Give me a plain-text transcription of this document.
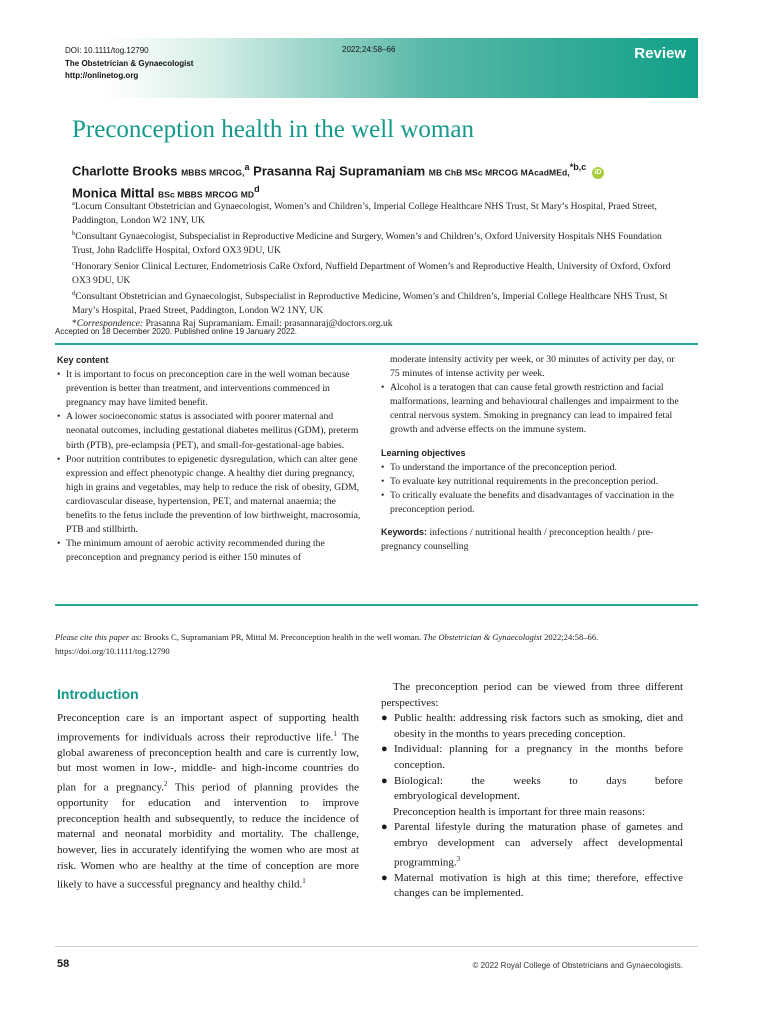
DOI: 10.1111/tog.12790
The Obstetrician & Gynaecologist
http://onlinetog.org
2022;24:58–66	Review
Preconception health in the well woman
Charlotte Brooks MBBS MRCOG,$^a$ Prasanna Raj Supramaniam MB ChB MSc MRCOG MAcadMEd,$^{*b,c}$ iD
Monica Mittal BSc MBBS MRCOG $MD^d$

$^a$Locum Consultant Obstetrician and Gynaecologist, Women’s and Children’s, Imperial College Healthcare NHS Trust, St Mary’s Hospital, Praed Street, Paddington, London W2 1NY, UK

$^b$Consultant Gynaecologist, Subspecialist in Reproductive Medicine and Surgery, Women’s and Children’s, Oxford University Hospitals NHS Foundation Trust, John Radcliffe Hospital, Oxford OX3 9DU, UK

$^c$Honorary Senior Clinical Lecturer, Endometriosis CaRe Oxford, Nuffield Department of Women’s and Reproductive Health, University of Oxford, Oxford OX3 9DU, UK

$^d$Consultant Obstetrician and Gynaecologist, Subspecialist in Reproductive Medicine, Women’s and Children’s, Imperial College Healthcare NHS Trust, St Mary’s Hospital, Praed Street, Paddington, London W2 1NY, UK

*Correspondence: Prasanna Raj Supramaniam. Email: prasannaraj@doctors.org.uk

Accepted on 18 December 2020. Published online 19 January 2022.
Key content

• It is important to focus on preconception care in the well woman because prevention is better than treatment, and interventions commenced in pregnancy may have limited benefit.

• A lower socioeconomic status is associated with poorer maternal and neonatal outcomes, including gestational diabetes mellitus (GDM), preterm birth (PTB), pre-eclampsia (PET), and small-for-gestational-age babies.

• Poor nutrition contributes to epigenetic dysregulation, which can alter gene expression and effect phenotypic change. A healthy diet during pregnancy, high in grains and vegetables, may help to reduce the risk of obesity, GDM, cardiovascular disease, hypertension, PET, and maternal anaemia; the benefits to the fetus include the prevention of low birthweight, macrosomia, PTB and stillbirth.

• The minimum amount of aerobic activity recommended during the preconception and pregnancy period is either 150 minutes of

moderate intensity activity per week, or 30 minutes of activity per day, or 75 minutes of intense activity per week.

• Alcohol is a teratogen that can cause fetal growth restriction and facial malformations, learning and behavioural challenges and impairment to the central nervous system. Smoking in pregnancy can lead to impaired fetal growth and adverse effects on the immune system.

Learning objectives

• To understand the importance of the preconception period.

• To evaluate key nutritional requirements in the preconception period.

• To critically evaluate the benefits and disadvantages of vaccination in the preconception period.

Keywords: infections / nutritional health / preconception health / pre-pregnancy counselling
Please cite this paper as: Brooks C, Supramaniam PR, Mittal M. Preconception health in the well woman. The Obstetrician & Gynaecologist 2022;24:58–66. https://doi.org/10.1111/tog.12790
Introduction

Preconception care is an important aspect of supporting health improvements for individuals across their reproductive life.$^1$ The global awareness of preconception health and care is currently low, but most women in low-, middle- and high-income countries do plan for a pregnancy.$^2$ This period of planning provides the opportunity for education and intervention to improve preconception health and subsequently, to reduce the incidence of maternal and neonatal morbidity and mortality. The challenge, however, lies in accurately identifying the women who are most at risk. Women who are healthy at the time of conception are more likely to have a successful pregnancy and healthy child.$^1$

The preconception period can be viewed from three different perspectives:

● Public health: addressing risk factors such as smoking, diet and obesity in the months to years preceding conception.
● Individual: planning for a pregnancy in the months before conception.
● Biological:	the	weeks	to	days	before
embryological development.

Preconception health is important for three main reasons:

● Parental lifestyle during the maturation phase of gametes and embryo development can adversely affect developmental programming.$^3$
● Maternal motivation is high at this time; therefore, effective changes can be implemented.
58	© 2022 Royal College of Obstetricians and Gynaecologists.
